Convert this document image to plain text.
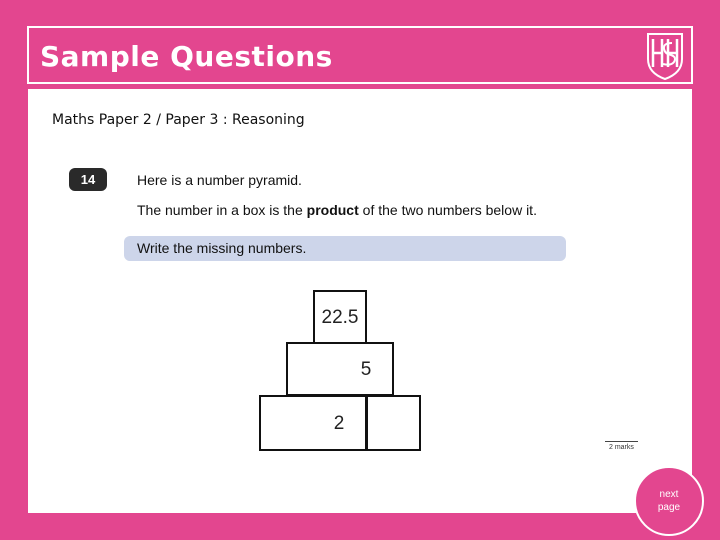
Sample Questions
Maths Paper 2 / Paper 3 : Reasoning
14	Here is a number pyramid.
The number in a box is the product of the two numbers below it.
Write the missing numbers.
22.5
5
2
2 marks
next
page
